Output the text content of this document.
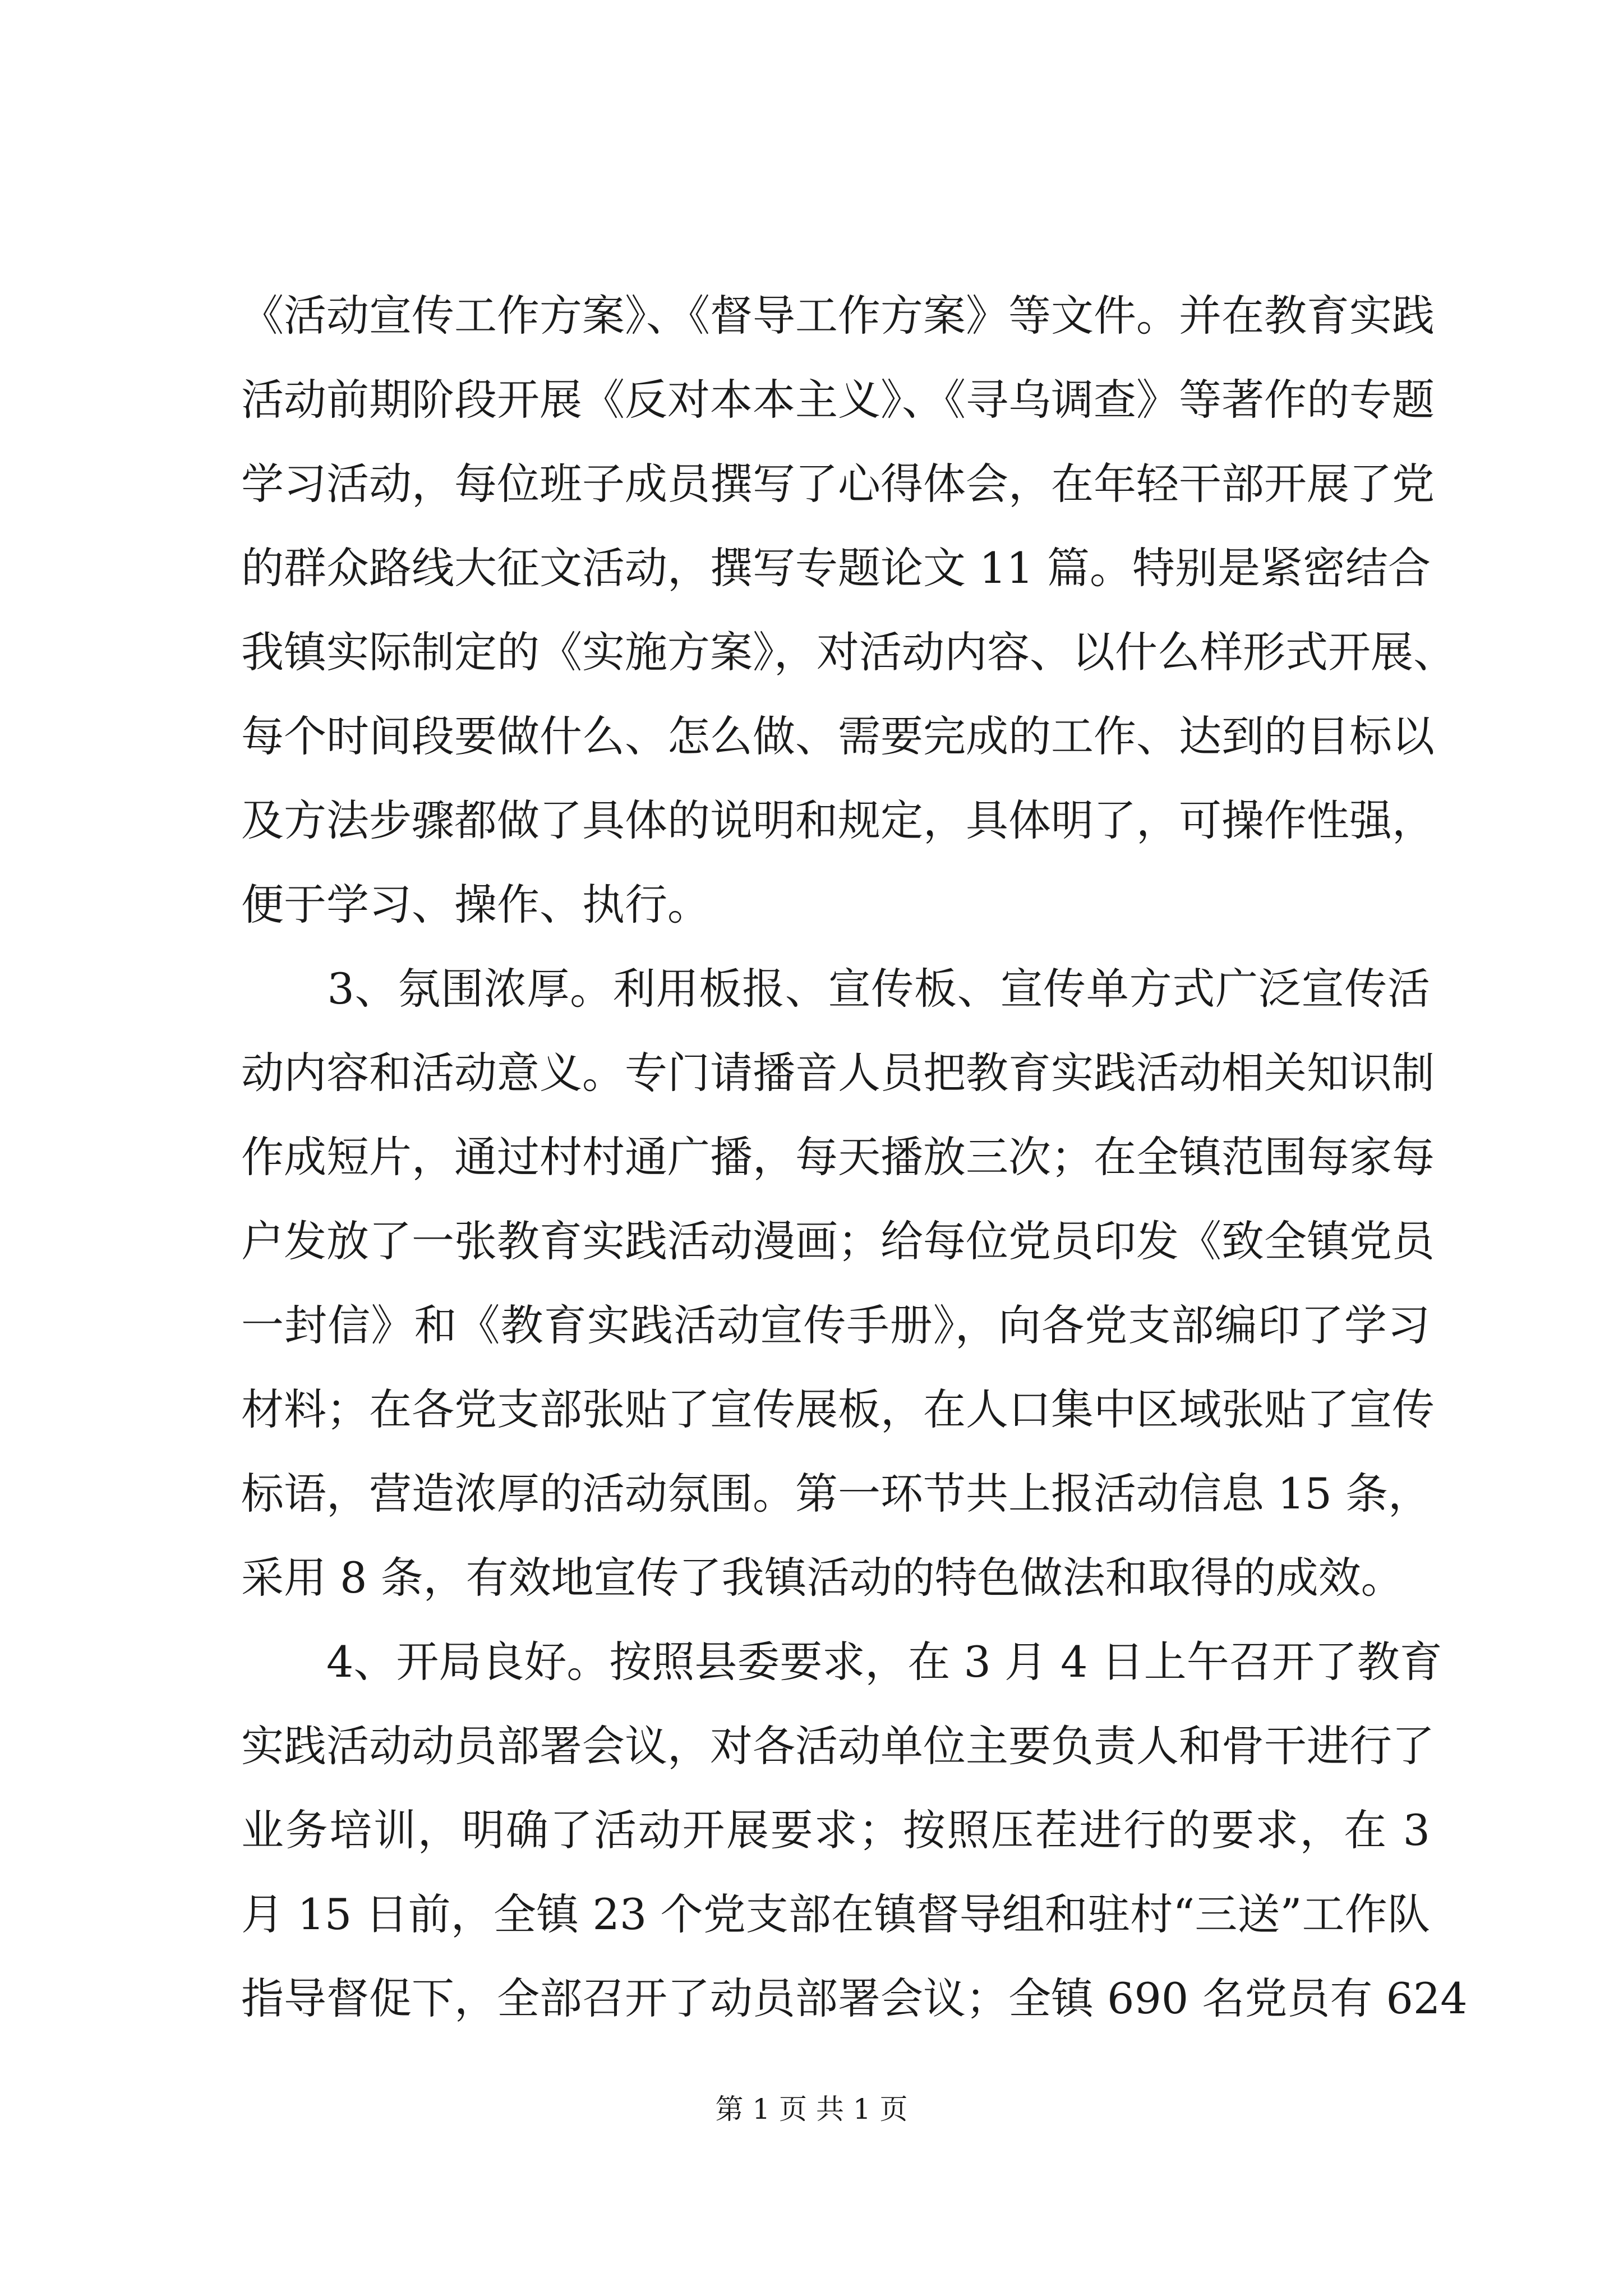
《活动宣传工作方案》、《督导工作方案》等文件。并在教育实践
活动前期阶段开展《反对本本主义》、《寻乌调查》等著作的专题
学习活动，每位班子成员撰写了心得体会，在年轻干部开展了党
的群众路线大征文活动，撰写专题论文 11 篇。特别是紧密结合
我镇实际制定的《实施方案》，对活动内容、以什么样形式开展、
每个时间段要做什么、怎么做、需要完成的工作、达到的目标以
及方法步骤都做了具体的说明和规定，具体明了，可操作性强，
便于学习、操作、执行。
　　3、氛围浓厚。利用板报、宣传板、宣传单方式广泛宣传活
动内容和活动意义。专门请播音人员把教育实践活动相关知识制
作成短片，通过村村通广播，每天播放三次；在全镇范围每家每
户发放了一张教育实践活动漫画；给每位党员印发《致全镇党员
一封信》和《教育实践活动宣传手册》，向各党支部编印了学习
材料；在各党支部张贴了宣传展板，在人口集中区域张贴了宣传
标语，营造浓厚的活动氛围。第一环节共上报活动信息 15 条，
采用 8 条，有效地宣传了我镇活动的特色做法和取得的成效。
　　4、开局良好。按照县委要求，在 3 月 4 日上午召开了教育
实践活动动员部署会议，对各活动单位主要负责人和骨干进行了
业务培训，明确了活动开展要求；按照压茬进行的要求，在 3
月 15 日前，全镇 23 个党支部在镇督导组和驻村“三送”工作队
指导督促下，全部召开了动员部署会议；全镇 690 名党员有 624
第 1 页 共 1 页
